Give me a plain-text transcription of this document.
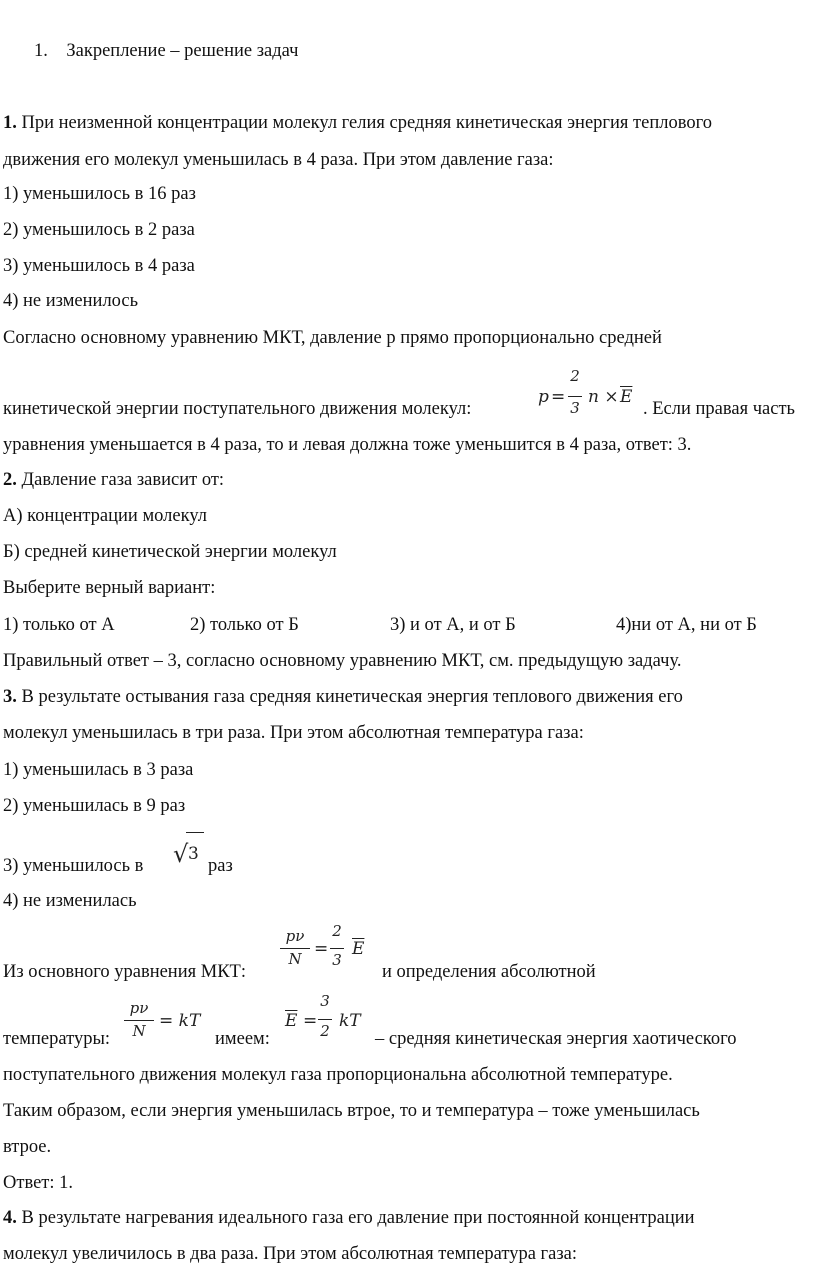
1. Закрепление – решение задач
1. При неизменной концентрации молекул гелия средняя кинетическая энергия теплового
движения его молекул уменьшилась в 4 раза. При этом давление газа:
1) уменьшилось в 16 раз
2) уменьшилось в 2 раза
3) уменьшилось в 4 раза
4) не изменилось
Согласно основному уравнению МКТ, давление p прямо пропорционально средней
кинетической энергии поступательного движения молекул:
p =
2
3
$n \times \overline{E}$
. Если правая часть
уравнения уменьшается в 4 раза, то и левая должна тоже уменьшится в 4 раза, ответ: 3.
2. Давление газа зависит от:
А) концентрации молекул
Б) средней кинетической энергии молекул
Выберите верный вариант:
1) только от А	2) только от Б	3) и от А, и от Б	4)ни от А, ни от Б
Правильный ответ – 3, согласно основному уравнению МКТ, см. предыдущую задачу.
3. В результате остывания газа средняя кинетическая энергия теплового движения его
молекул уменьшилась в три раза. При этом абсолютная температура газа:
1) уменьшилась в 3 раза
2) уменьшилась в 9 раз
3) уменьшилось в √ 3
раз
4) не изменилась
Из основного уравнения МКТ:
pν
N =
2
3
$\overline{E}$
и определения абсолютной
температуры:
pν
N = kT
имеем:
$\overline{E}$ =
3
2 kT
– средняя кинетическая энергия хаотического
поступательного движения молекул газа пропорциональна абсолютной температуре.
Таким образом, если энергия уменьшилась втрое, то и температура – тоже уменьшилась
втрое.
Ответ: 1.
4. В результате нагревания идеального газа его давление при постоянной концентрации
молекул увеличилось в два раза. При этом абсолютная температура газа:
